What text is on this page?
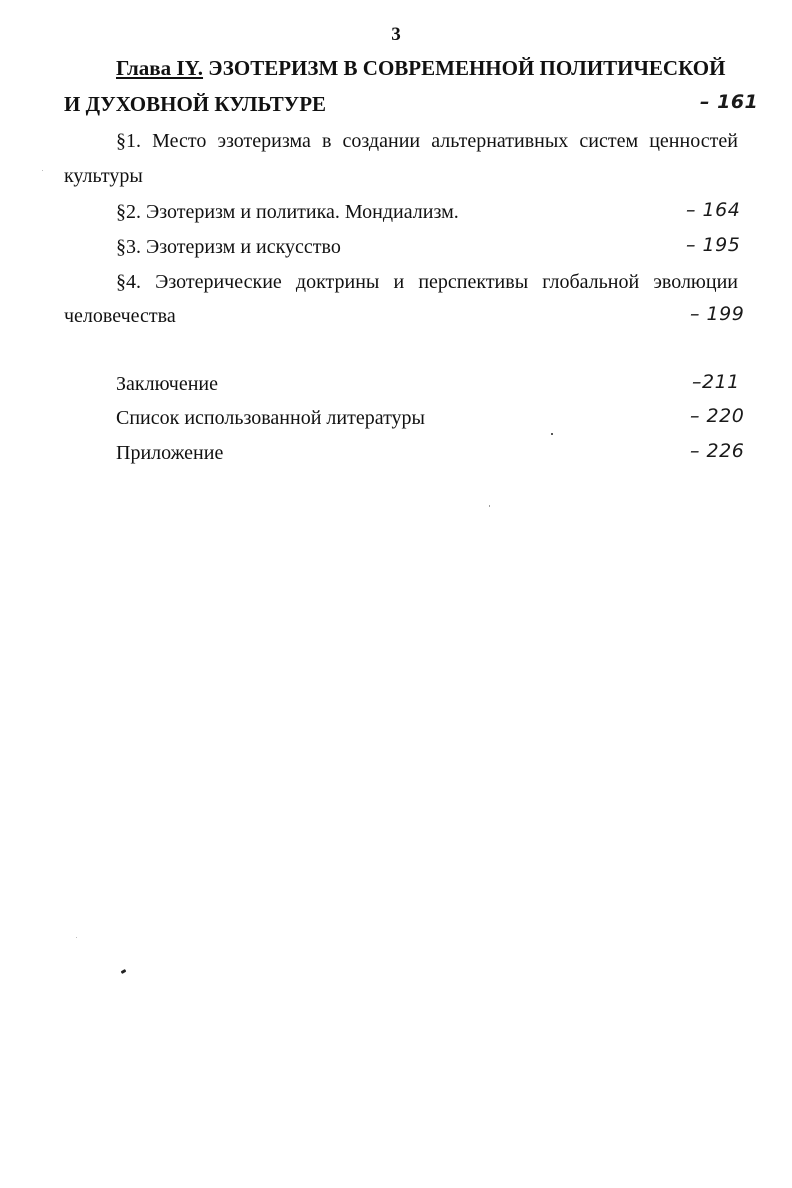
3
Глава IY. ЭЗОТЕРИЗМ В СОВРЕМЕННОЙ ПОЛИТИЧЕСКОЙ
И ДУХОВНОЙ КУЛЬТУРЕ	– 161
§1. Место эзотеризма в создании альтернативных систем ценностей
культуры
§2. Эзотеризм и политика. Мондиализм.	– 164
§3. Эзотеризм и искусство	– 195
§4. Эзотерические доктрины и перспективы глобальной эволюции
человечества	– 199
Заключение	–211
Список использованной литературы	– 220
Приложение	– 226
